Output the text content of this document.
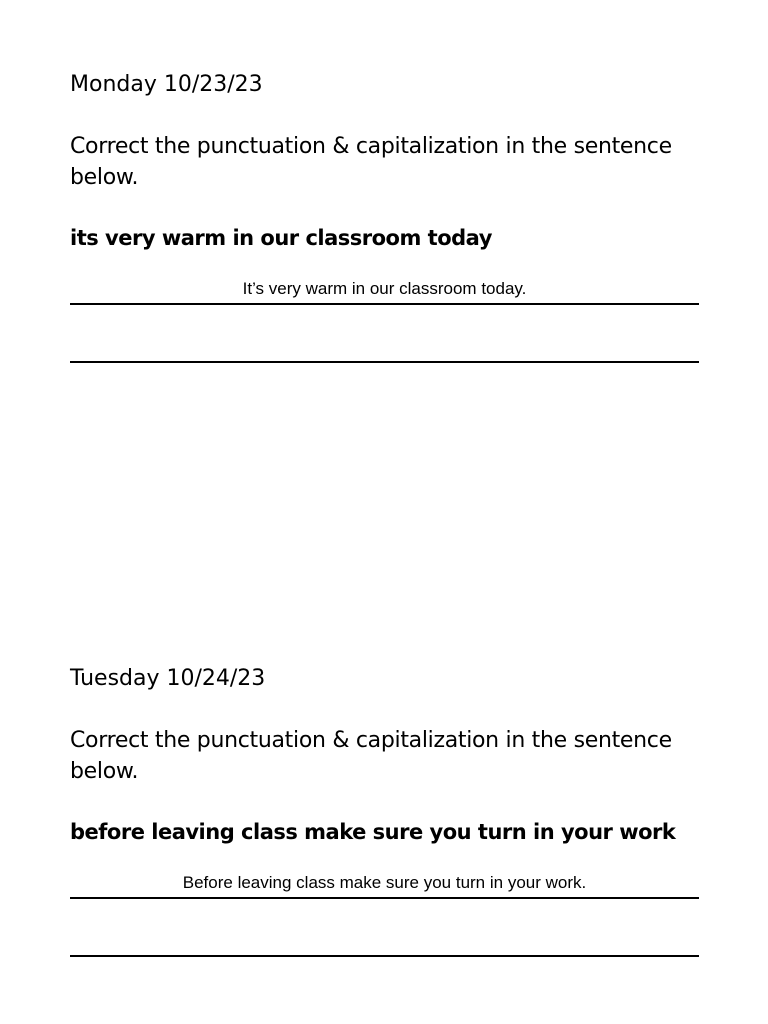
Monday 10/23/23

Correct the punctuation & capitalization in the sentence below.

its very warm in our classroom today

It’s very warm in our classroom today.

Tuesday 10/24/23

Correct the punctuation & capitalization in the sentence below.

before leaving class make sure you turn in your work

Before leaving class make sure you turn in your work.
